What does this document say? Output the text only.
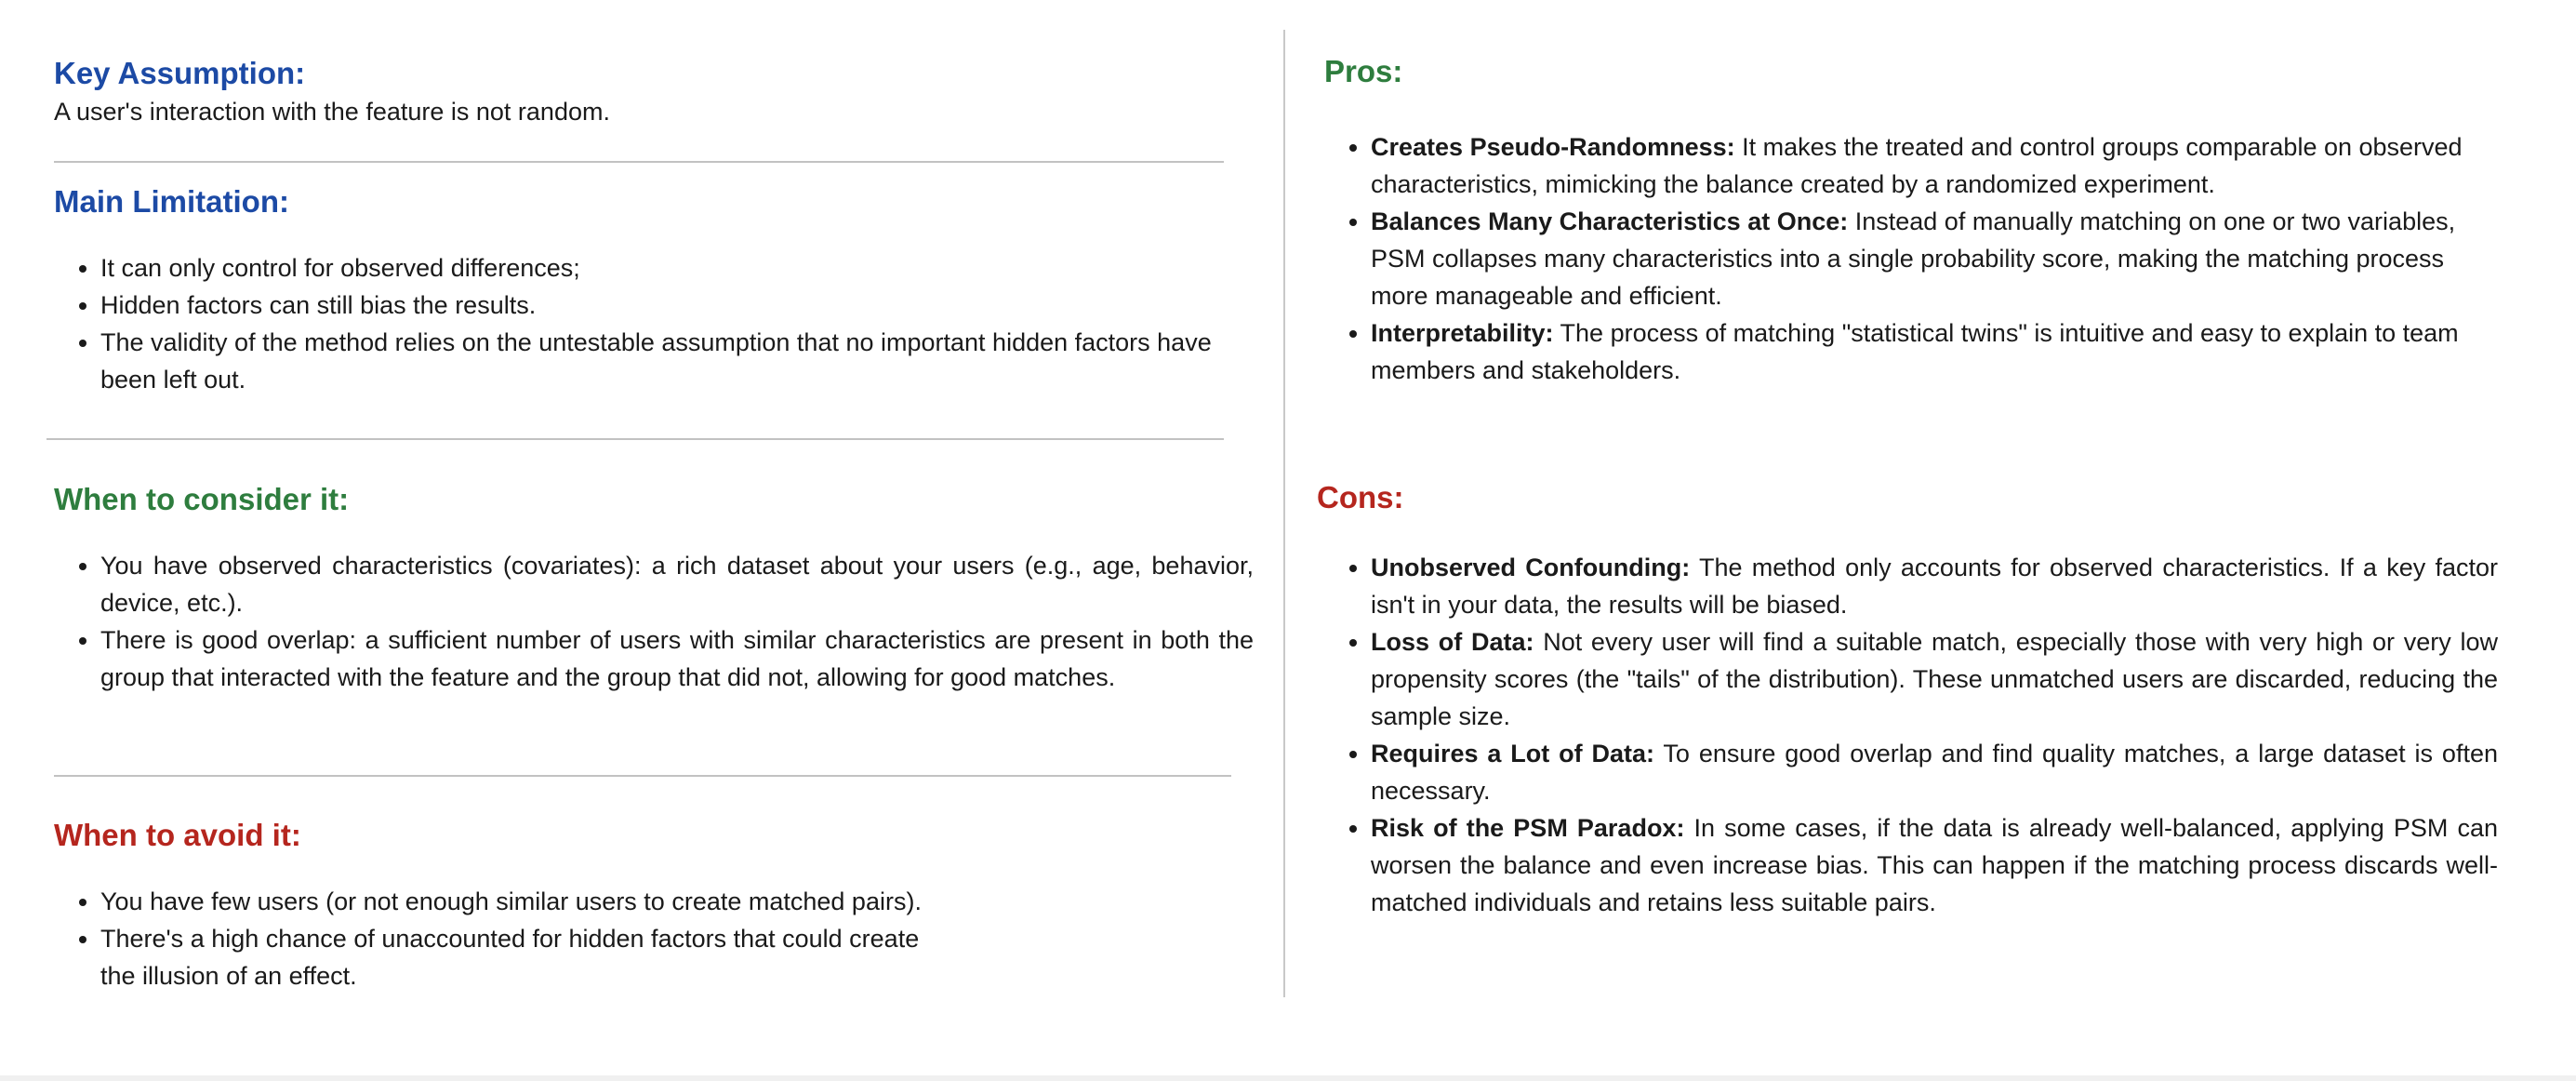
Key Assumption:

A user's interaction with the feature is not random.

Main Limitation:
• It can only control for observed differences;
• Hidden factors can still bias the results.
• The validity of the method relies on the untestable assumption that no important hidden factors have been left out.
When to consider it:
• You have observed characteristics (covariates): a rich dataset about your users (e.g., age, behavior, device, etc.).
• There is good overlap: a sufficient number of users with similar characteristics are present in both the group that interacted with the feature and the group that did not, allowing for good matches.
When to avoid it:
• You have few users (or not enough similar users to create matched pairs).
• There's a high chance of unaccounted for hidden factors that could create the illusion of an effect.
Pros:
• Creates Pseudo-Randomness: It makes the treated and control groups comparable on observed characteristics, mimicking the balance created by a randomized experiment.
• Balances Many Characteristics at Once: Instead of manually matching on one or two variables, PSM collapses many characteristics into a single probability score, making the matching process more manageable and efficient.
• Interpretability: The process of matching "statistical twins" is intuitive and easy to explain to team members and stakeholders.
Cons:
• Unobserved Confounding: The method only accounts for observed characteristics. If a key factor isn't in your data, the results will be biased.
• Loss of Data: Not every user will find a suitable match, especially those with very high or very low propensity scores (the "tails" of the distribution). These unmatched users are discarded, reducing the sample size.
• Requires a Lot of Data: To ensure good overlap and find quality matches, a large dataset is often necessary.
• Risk of the PSM Paradox: In some cases, if the data is already well-balanced, applying PSM can worsen the balance and even increase bias. This can happen if the matching process discards well-matched individuals and retains less suitable pairs.
